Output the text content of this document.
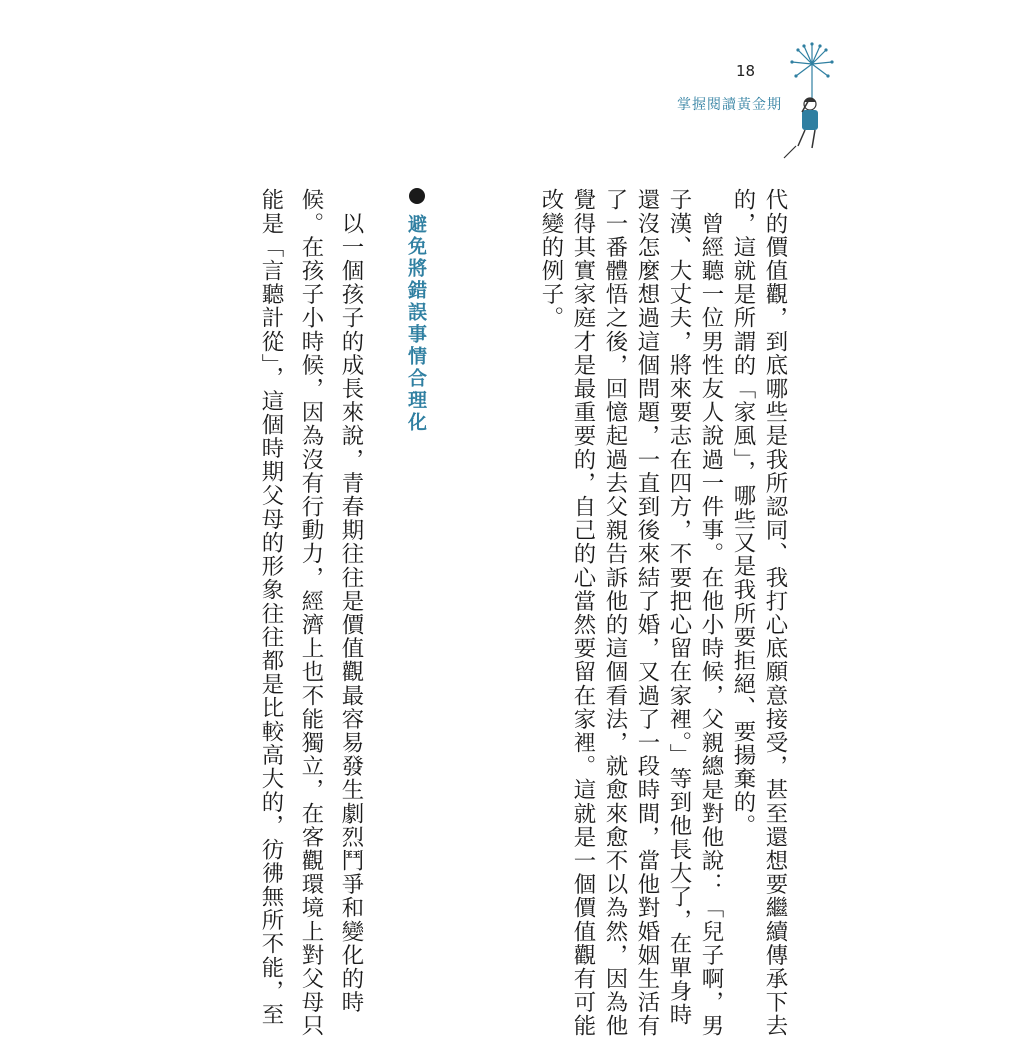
18
掌握閱讀黃金期
代的價值觀，到底哪些是我所認同、我打心底願意接受，甚至還想要繼續傳承下去
的，這就是所謂的「家風」，哪些又是我所要拒絕、要揚棄的。
　曾經聽一位男性友人說過一件事。在他小時候，父親總是對他說：「兒子啊，男
子漢、大丈夫，將來要志在四方，不要把心留在家裡。」等到他長大了，在單身時
還沒怎麼想過這個問題，一直到後來結了婚，又過了一段時間，當他對婚姻生活有
了一番體悟之後，回憶起過去父親告訴他的這個看法，就愈來愈不以為然，因為他
覺得其實家庭才是最重要的，自己的心當然要留在家裡。這就是一個價值觀有可能
改變的例子。
避免將錯誤事情合理化
　以一個孩子的成長來說，青春期往往是價值觀最容易發生劇烈鬥爭和變化的時
候。在孩子小時候，因為沒有行動力，經濟上也不能獨立，在客觀環境上對父母只
能是「言聽計從」，這個時期父母的形象往往都是比較高大的，彷彿無所不能，至
